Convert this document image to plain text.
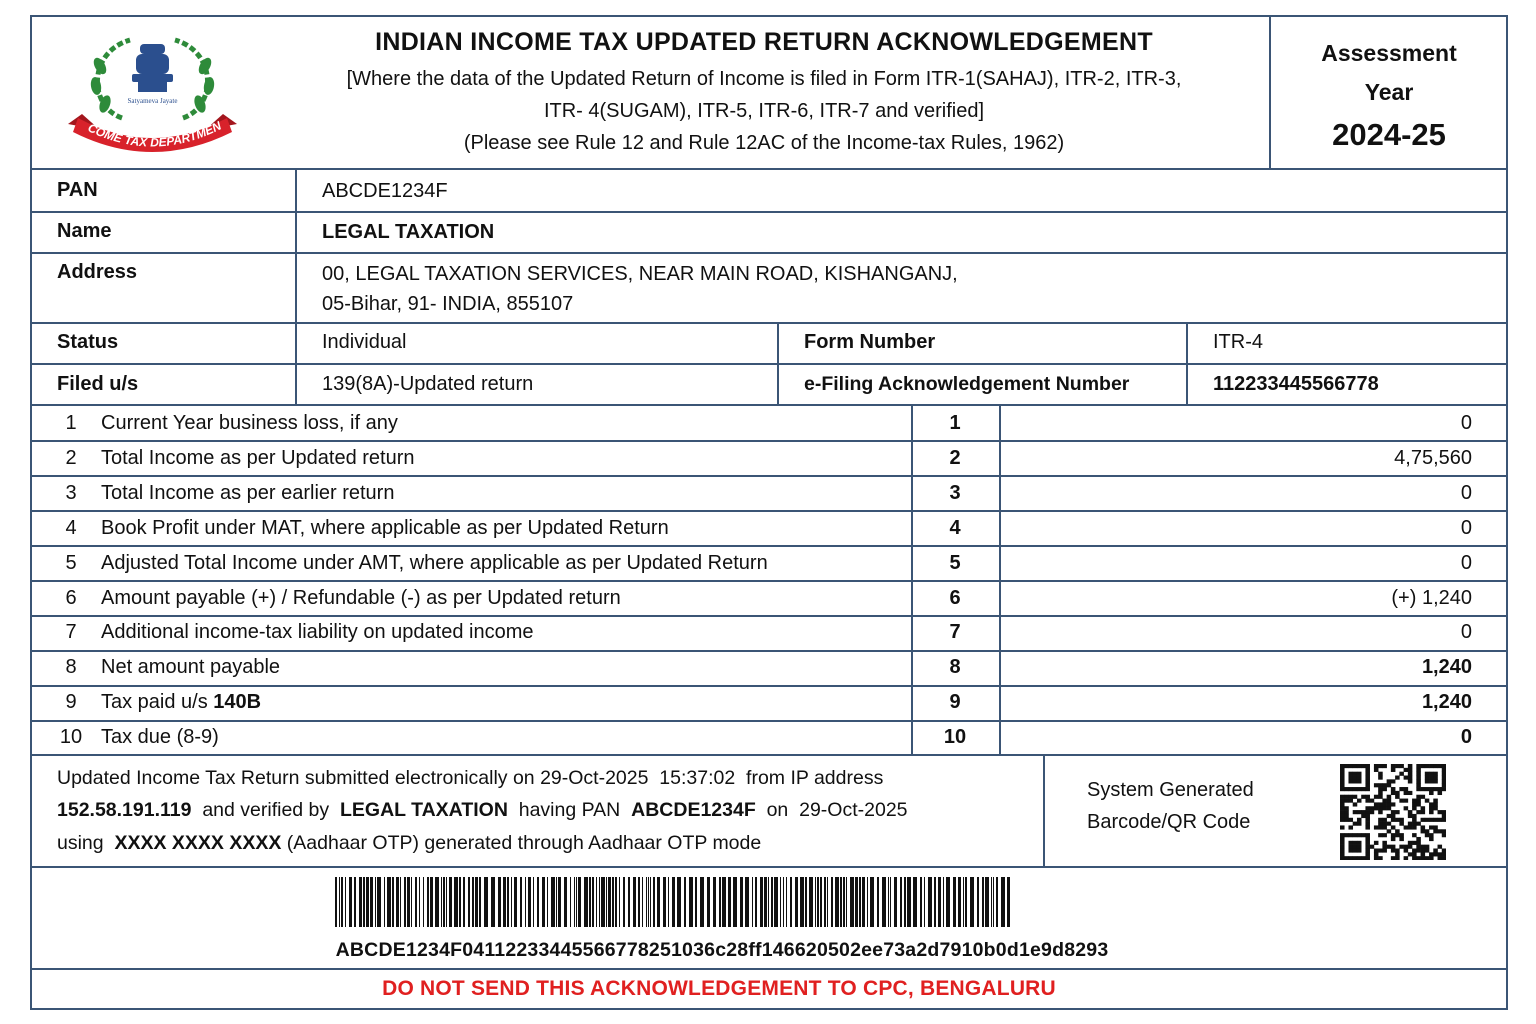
Satyameva Jayate
COME TAX DEPARTMEN
INDIAN INCOME TAX UPDATED RETURN ACKNOWLEDGEMENT
[Where the data of the Updated Return of Income is filed in Form ITR-1(SAHAJ), ITR-2, ITR-3,
ITR- 4(SUGAM), ITR-5, ITR-6, ITR-7 and verified]
(Please see Rule 12 and Rule 12AC of the Income-tax Rules, 1962)
Assessment
Year
2024-25
PAN	ABCDE1234F
Name	LEGAL TAXATION
Address	00, LEGAL TAXATION SERVICES, NEAR MAIN ROAD, KISHANGANJ,
05-Bihar, 91- INDIA, 855107
Status	Individual	Form Number	ITR-4
Filed u/s	139(8A)-Updated return	e-Filing Acknowledgement Number	112233445566778
1	Current Year business loss, if any	1	0
2	Total Income as per Updated return	2	4,75,560
3	Total Income as per earlier return	3	0
4	Book Profit under MAT, where applicable as per Updated Return	4	0
5	Adjusted Total Income under AMT, where applicable as per Updated Return	5	0
6	Amount payable (+) / Refundable (-) as per Updated return	6	(+) 1,240
7	Additional income-tax liability on updated income	7	0
8	Net amount payable	8	1,240
9	Tax paid u/s 140B	9	1,240
10 Tax due (8-9)	10	0
Updated Income Tax Return submitted electronically on 29-Oct-2025  15:37:02  from IP address
152.58.191.119  and verified by  LEGAL TAXATION  having PAN  ABCDE1234F  on  29-Oct-2025
using  XXXX XXXX XXXX (Aadhaar OTP) generated through Aadhaar OTP mode
System Generated
Barcode/QR Code
ABCDE1234F04112233445566778251036c28ff146620502ee73a2d7910b0d1e9d8293
DO NOT SEND THIS ACKNOWLEDGEMENT TO CPC, BENGALURU
